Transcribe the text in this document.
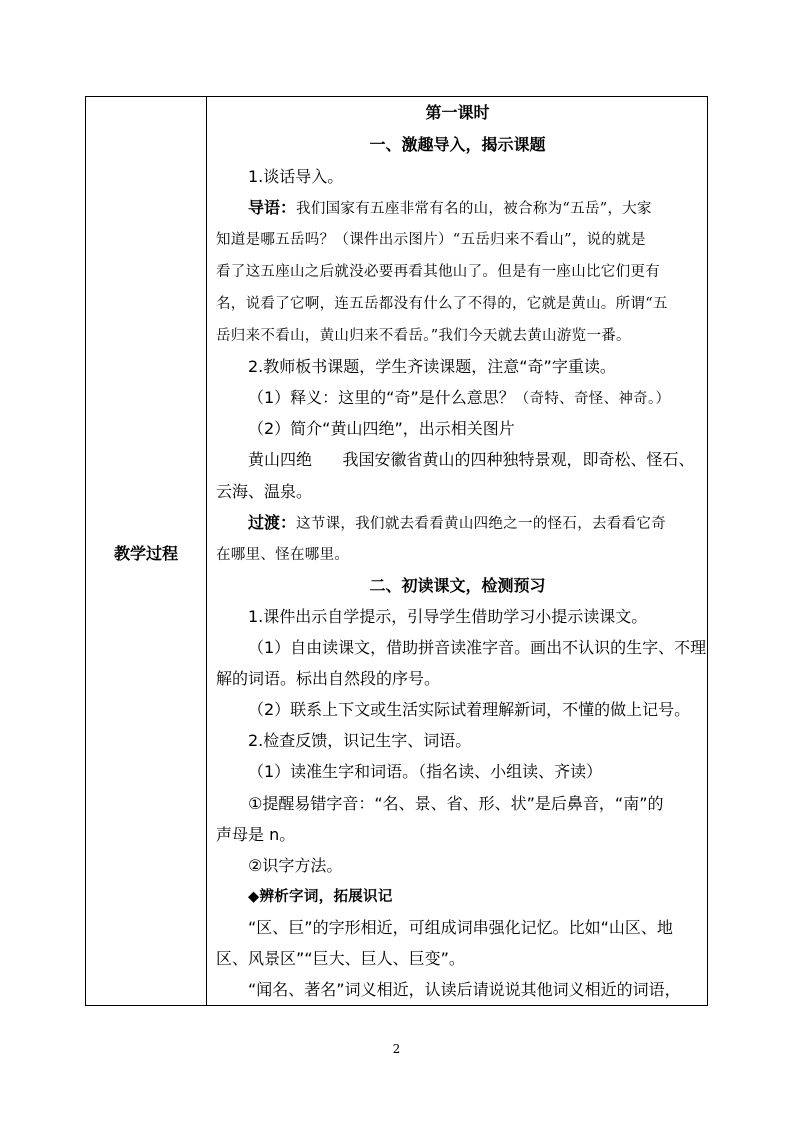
教学过程
第一课时
一、激趣导入，揭示课题
1.谈话导入。
导语：我们国家有五座非常有名的山，被合称为“五岳”，大家
知道是哪五岳吗？（课件出示图片）“五岳归来不看山”，说的就是
看了这五座山之后就没必要再看其他山了。但是有一座山比它们更有
名，说看了它啊，连五岳都没有什么了不得的，它就是黄山。所谓“五
岳归来不看山，黄山归来不看岳。”我们今天就去黄山游览一番。
2.教师板书课题，学生齐读课题，注意“奇”字重读。
（1）释义：这里的“奇”是什么意思？（奇特、奇怪、神奇。）
（2）简介“黄山四绝”，出示相关图片
黄山四绝      我国安徽省黄山的四种独特景观，即奇松、怪石、
云海、温泉。
过渡：这节课，我们就去看看黄山四绝之一的怪石，去看看它奇
在哪里、怪在哪里。
二、初读课文，检测预习
1.课件出示自学提示，引导学生借助学习小提示读课文。
（1）自由读课文，借助拼音读准字音。画出不认识的生字、不理
解的词语。标出自然段的序号。
（2）联系上下文或生活实际试着理解新词，不懂的做上记号。
2.检查反馈，识记生字、词语。
（1）读准生字和词语。（指名读、小组读、齐读）
①提醒易错字音：“名、景、省、形、状”是后鼻音，“南”的
声母是 n。
②识字方法。
◆辨析字词，拓展识记
“区、巨”的字形相近，可组成词串强化记忆。比如“山区、地
区、风景区”“巨大、巨人、巨变”。
“闻名、著名”词义相近，认读后请说说其他词义相近的词语，
2
